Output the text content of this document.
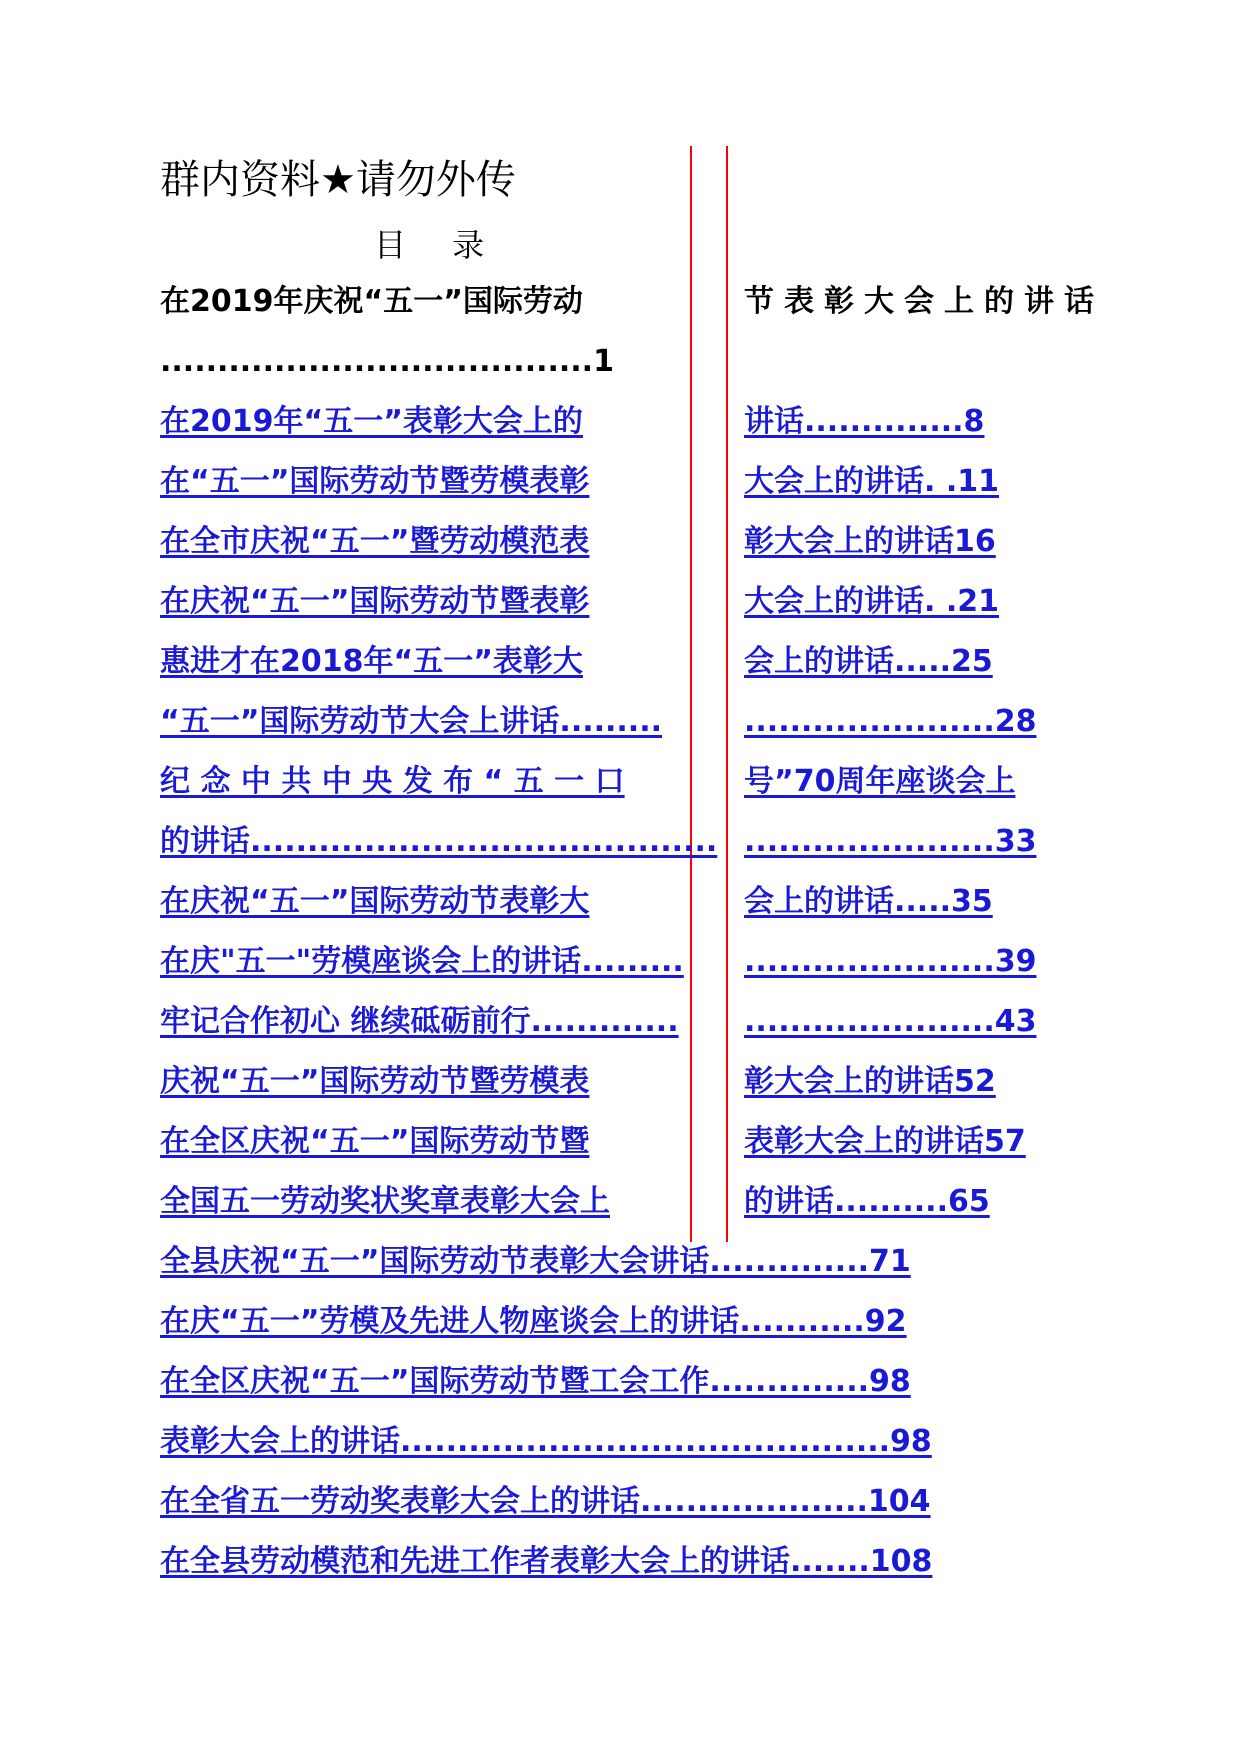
群内资料★请勿外传
目 录
在2019年庆祝“五一”国际劳动	节表彰大会上的讲话
......................................1
在2019年“五一”表彰大会上的	讲话..............8
在“五一”国际劳动节暨劳模表彰	大会上的讲话. .11
在全市庆祝“五一”暨劳动模范表	彰大会上的讲话16
在庆祝“五一”国际劳动节暨表彰	大会上的讲话. .21
惠进才在2018年“五一”表彰大	会上的讲话.....25
“五一”国际劳动节大会上讲话.........	......................28
纪 念 中 共 中 央 发 布 “ 五 一 口	号”70周年座谈会上
的讲话......................................... ......................33
在庆祝“五一”国际劳动节表彰大	会上的讲话.....35
在庆"五一"劳模座谈会上的讲话......... ......................39
牢记合作初心 继续砥砺前行............. ......................43
庆祝“五一”国际劳动节暨劳模表	彰大会上的讲话52
在全区庆祝“五一”国际劳动节暨	表彰大会上的讲话57
全国五一劳动奖状奖章表彰大会上	的讲话..........65
全县庆祝“五一”国际劳动节表彰大会讲话..............71
在庆“五一”劳模及先进人物座谈会上的讲话...........92
在全区庆祝“五一”国际劳动节暨工会工作..............98
表彰大会上的讲话...........................................98
在全省五一劳动奖表彰大会上的讲话....................104
在全县劳动模范和先进工作者表彰大会上的讲话.......108
